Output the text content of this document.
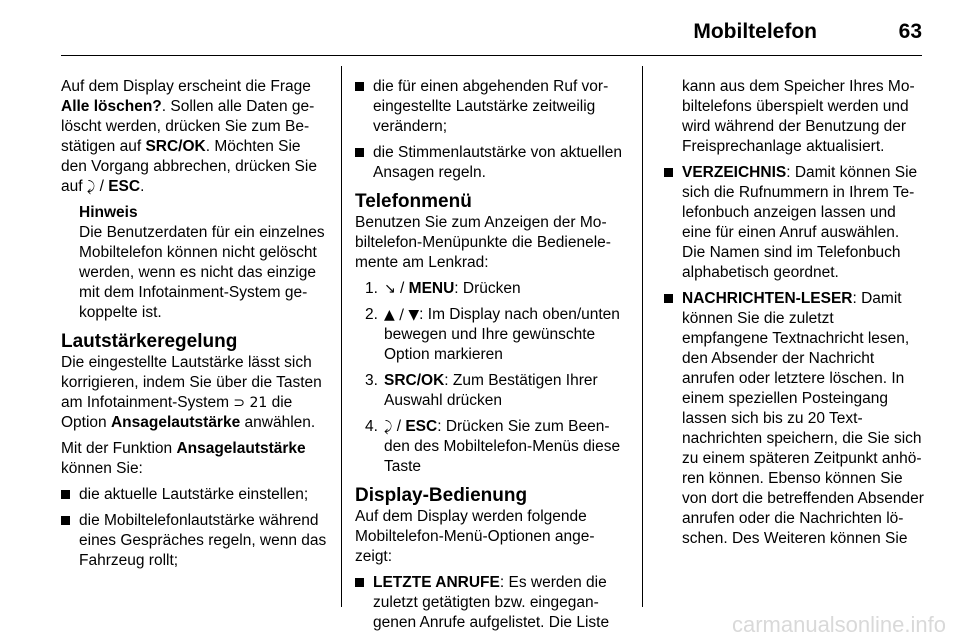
Mobiltelefon	63

Auf dem Display erscheint die Frage Alle löschen?. Sollen alle Daten gelöscht werden, drücken Sie zum Bestätigen auf SRC/OK. Möchten Sie den Vorgang abbrechen, drücken Sie auf ⤸ / ESC.

Hinweis
Die Benutzerdaten für ein einzelnes Mobiltelefon können nicht gelöscht werden, wenn es nicht das einzige mit dem Infotainment-System gekoppelte ist.
Lautstärkeregelung

Die eingestellte Lautstärke lässt sich korrigieren, indem Sie über die Tasten am Infotainment-System ⊃ 21 die Option Ansagelautstärke anwählen.

Mit der Funktion Ansagelautstärke können Sie:

die aktuelle Lautstärke einstellen;
die Mobiltelefonlautstärke während eines Gespräches regeln, wenn das Fahrzeug rollt;
die für einen abgehenden Ruf voreingestellte Lautstärke zeitweilig verändern;
die Stimmenlautstärke von aktuellen Ansagen regeln.
Telefonmenü

Benutzen Sie zum Anzeigen der Mobiltelefon-Menüpunkte die Bedienelemente am Lenkrad:

1. ↘ / MENU: Drücken
2. ▲ / ▼: Im Display nach oben/unten bewegen und Ihre gewünschte Option markieren
3. SRC/OK: Zum Bestätigen Ihrer Auswahl drücken
4. ⤸ / ESC: Drücken Sie zum Beenden des Mobiltelefon-Menüs diese Taste
Display-Bedienung

Auf dem Display werden folgende Mobiltelefon-Menü-Optionen angezeigt:

LETZTE ANRUFE: Es werden die zuletzt getätigten bzw. eingegangenen Anrufe aufgelistet. Die Liste

kann aus dem Speicher Ihres Mobiltelefons überspielt werden und wird während der Benutzung der Freisprechanlage aktualisiert.

VERZEICHNIS: Damit können Sie sich die Rufnummern in Ihrem Telefonbuch anzeigen lassen und eine für einen Anruf auswählen. Die Namen sind im Telefonbuch alphabetisch geordnet.
NACHRICHTEN-LESER: Damit können Sie die zuletzt empfangene Textnachricht lesen, den Absender der Nachricht anrufen oder letztere löschen. In einem speziellen Posteingang lassen sich bis zu 20 Textnachrichten speichern, die Sie sich zu einem späteren Zeitpunkt anhören können. Ebenso können Sie von dort die betreffenden Absender anrufen oder die Nachrichten löschen. Des Weiteren können Sie
carmanualsonline.info
